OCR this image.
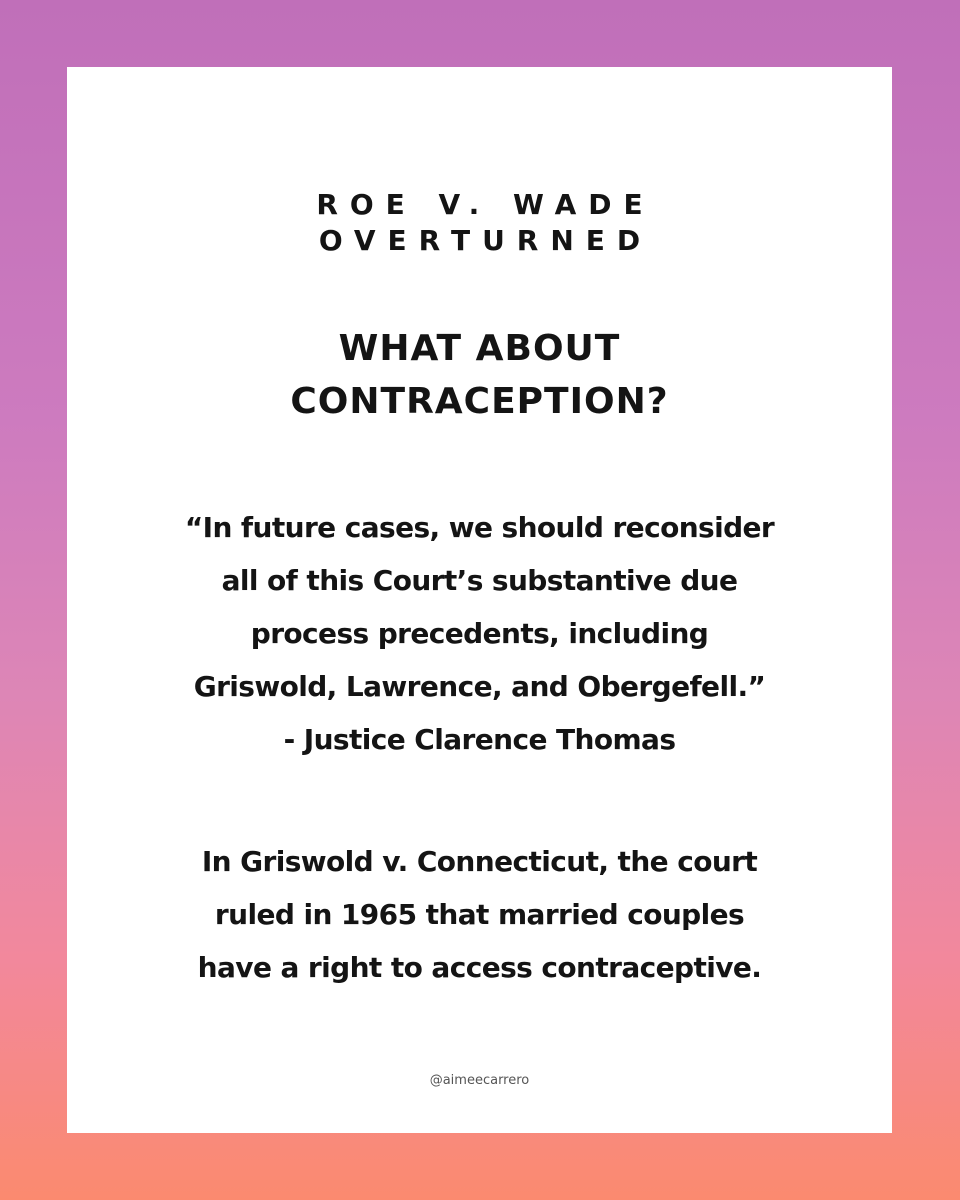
ROE V. WADE
OVERTURNED
WHAT ABOUT
CONTRACEPTION?
“In future cases, we should reconsider
all of this Court’s substantive due
process precedents, including
Griswold, Lawrence, and Obergefell.”
- Justice Clarence Thomas
In Griswold v. Connecticut, the court
ruled in 1965 that married couples
have a right to access contraceptive.
@aimeecarrero
